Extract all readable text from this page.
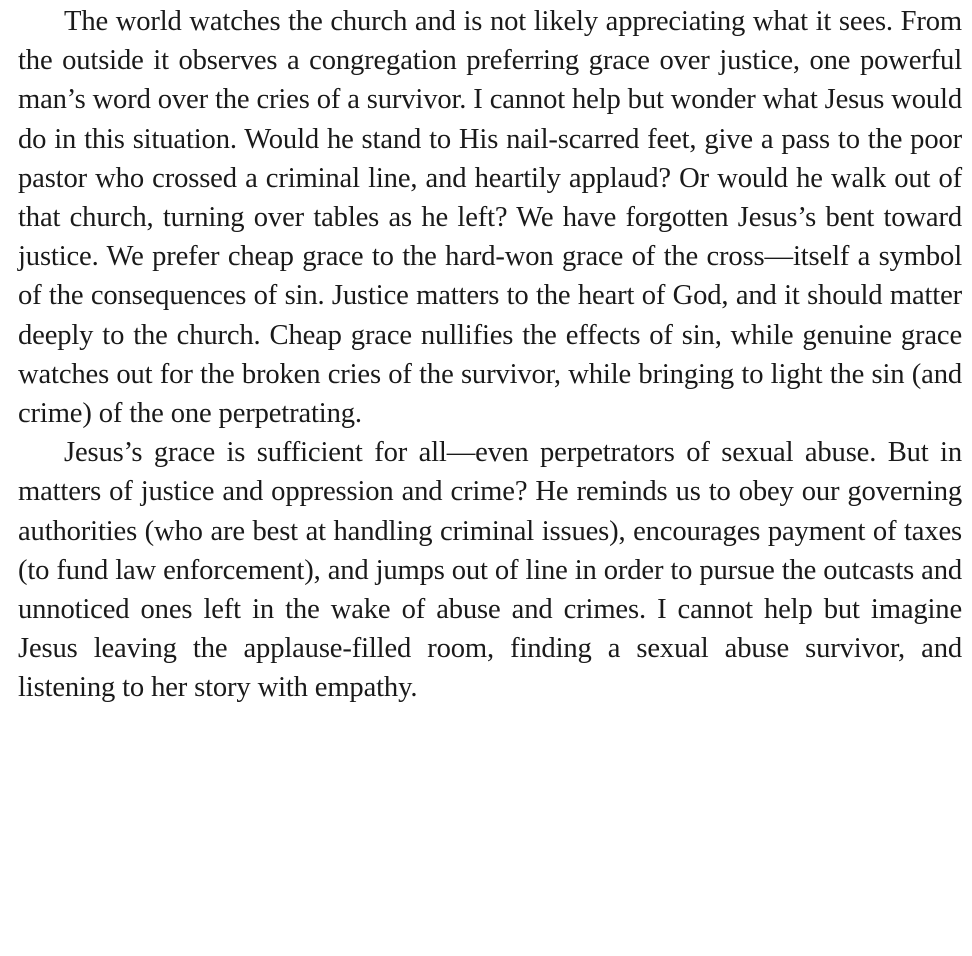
The world watches the church and is not likely appreciating what it sees. From the outside it observes a congregation preferring grace over justice, one powerful man’s word over the cries of a survivor. I cannot help but wonder what Jesus would do in this situation. Would he stand to His nail-scarred feet, give a pass to the poor pastor who crossed a criminal line, and heartily applaud? Or would he walk out of that church, turning over tables as he left? We have forgotten Jesus’s bent toward justice. We prefer cheap grace to the hard-won grace of the cross—itself a symbol of the consequences of sin. Justice matters to the heart of God, and it should matter deeply to the church. Cheap grace nullifies the effects of sin, while genuine grace watches out for the broken cries of the survivor, while bringing to light the sin (and crime) of the one perpetrating.

Jesus’s grace is sufficient for all—even perpetrators of sexual abuse. But in matters of justice and oppression and crime? He reminds us to obey our governing authorities (who are best at handling criminal issues), encourages payment of taxes (to fund law enforcement), and jumps out of line in order to pursue the outcasts and unnoticed ones left in the wake of abuse and crimes. I cannot help but imagine Jesus leaving the applause-filled room, finding a sexual abuse survivor, and listening to her story with empathy.
